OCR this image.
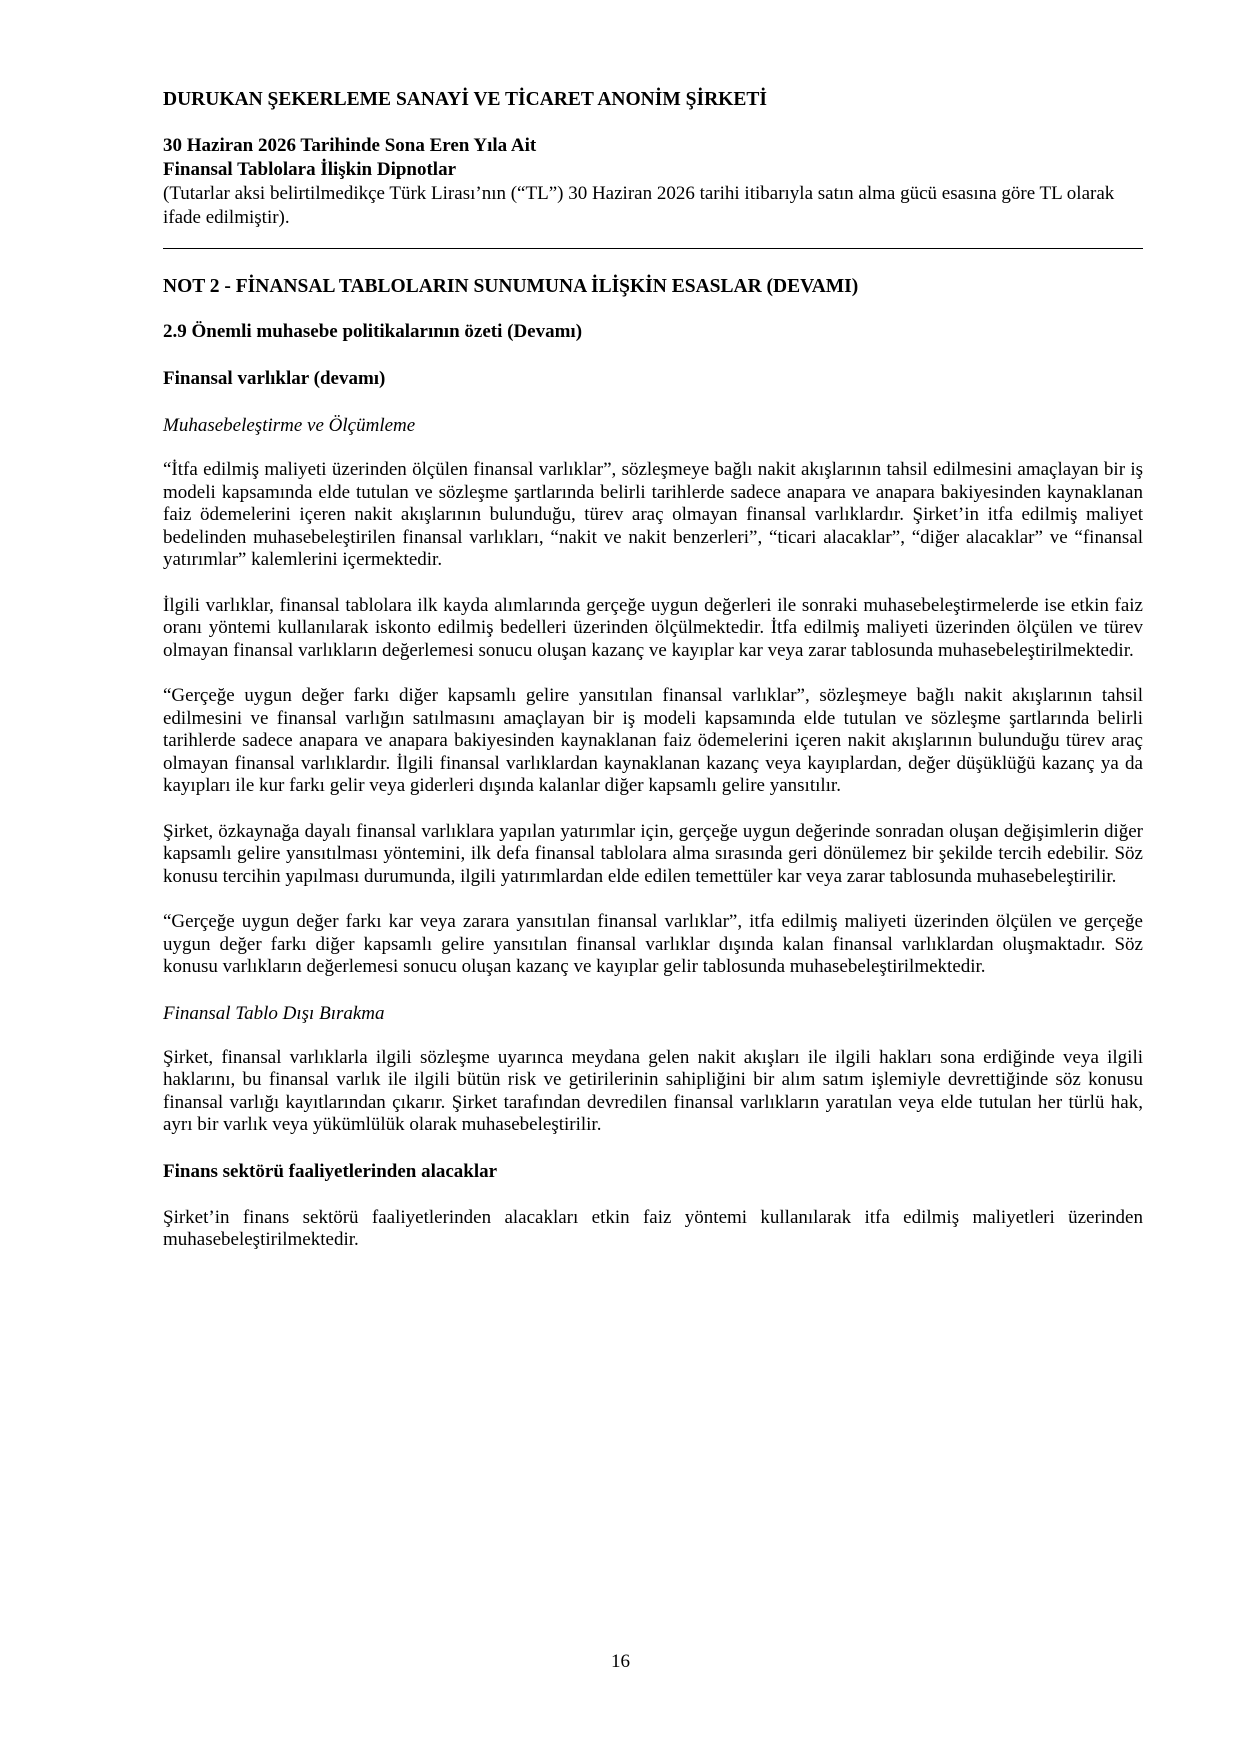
DURUKAN ŞEKERLEME SANAYİ VE TİCARET ANONİM ŞİRKETİ

30 Haziran 2026 Tarihinde Sona Eren Yıla Ait

Finansal Tablolara İlişkin Dipnotlar

(Tutarlar aksi belirtilmedikçe Türk Lirası’nın (“TL”) 30 Haziran 2026 tarihi itibarıyla satın alma gücü esasına göre TL olarak ifade edilmiştir).

NOT 2 - FİNANSAL TABLOLARIN SUNUMUNA İLİŞKİN ESASLAR (DEVAMI)

2.9 Önemli muhasebe politikalarının özeti (Devamı)

Finansal varlıklar (devamı)

Muhasebeleştirme ve Ölçümleme

“İtfa edilmiş maliyeti üzerinden ölçülen finansal varlıklar”, sözleşmeye bağlı nakit akışlarının tahsil edilmesini amaçlayan bir iş modeli kapsamında elde tutulan ve sözleşme şartlarında belirli tarihlerde sadece anapara ve anapara bakiyesinden kaynaklanan faiz ödemelerini içeren nakit akışlarının bulunduğu, türev araç olmayan finansal varlıklardır. Şirket’in itfa edilmiş maliyet bedelinden muhasebeleştirilen finansal varlıkları, “nakit ve nakit benzerleri”, “ticari alacaklar”, “diğer alacaklar” ve “finansal yatırımlar” kalemlerini içermektedir.

İlgili varlıklar, finansal tablolara ilk kayda alımlarında gerçeğe uygun değerleri ile sonraki muhasebeleştirmelerde ise etkin faiz oranı yöntemi kullanılarak iskonto edilmiş bedelleri üzerinden ölçülmektedir. İtfa edilmiş maliyeti üzerinden ölçülen ve türev olmayan finansal varlıkların değerlemesi sonucu oluşan kazanç ve kayıplar kar veya zarar tablosunda muhasebeleştirilmektedir.

“Gerçeğe uygun değer farkı diğer kapsamlı gelire yansıtılan finansal varlıklar”, sözleşmeye bağlı nakit akışlarının tahsil edilmesini ve finansal varlığın satılmasını amaçlayan bir iş modeli kapsamında elde tutulan ve sözleşme şartlarında belirli tarihlerde sadece anapara ve anapara bakiyesinden kaynaklanan faiz ödemelerini içeren nakit akışlarının bulunduğu türev araç olmayan finansal varlıklardır. İlgili finansal varlıklardan kaynaklanan kazanç veya kayıplardan, değer düşüklüğü kazanç ya da kayıpları ile kur farkı gelir veya giderleri dışında kalanlar diğer kapsamlı gelire yansıtılır.

Şirket, özkaynağa dayalı finansal varlıklara yapılan yatırımlar için, gerçeğe uygun değerinde sonradan oluşan değişimlerin diğer kapsamlı gelire yansıtılması yöntemini, ilk defa finansal tablolara alma sırasında geri dönülemez bir şekilde tercih edebilir. Söz konusu tercihin yapılması durumunda, ilgili yatırımlardan elde edilen temettüler kar veya zarar tablosunda muhasebeleştirilir.

“Gerçeğe uygun değer farkı kar veya zarara yansıtılan finansal varlıklar”, itfa edilmiş maliyeti üzerinden ölçülen ve gerçeğe uygun değer farkı diğer kapsamlı gelire yansıtılan finansal varlıklar dışında kalan finansal varlıklardan oluşmaktadır. Söz konusu varlıkların değerlemesi sonucu oluşan kazanç ve kayıplar gelir tablosunda muhasebeleştirilmektedir.

Finansal Tablo Dışı Bırakma

Şirket, finansal varlıklarla ilgili sözleşme uyarınca meydana gelen nakit akışları ile ilgili hakları sona erdiğinde veya ilgili haklarını, bu finansal varlık ile ilgili bütün risk ve getirilerinin sahipliğini bir alım satım işlemiyle devrettiğinde söz konusu finansal varlığı kayıtlarından çıkarır. Şirket tarafından devredilen finansal varlıkların yaratılan veya elde tutulan her türlü hak, ayrı bir varlık veya yükümlülük olarak muhasebeleştirilir.

Finans sektörü faaliyetlerinden alacaklar

Şirket’in finans sektörü faaliyetlerinden alacakları etkin faiz yöntemi kullanılarak itfa edilmiş maliyetleri üzerinden muhasebeleştirilmektedir.

16
